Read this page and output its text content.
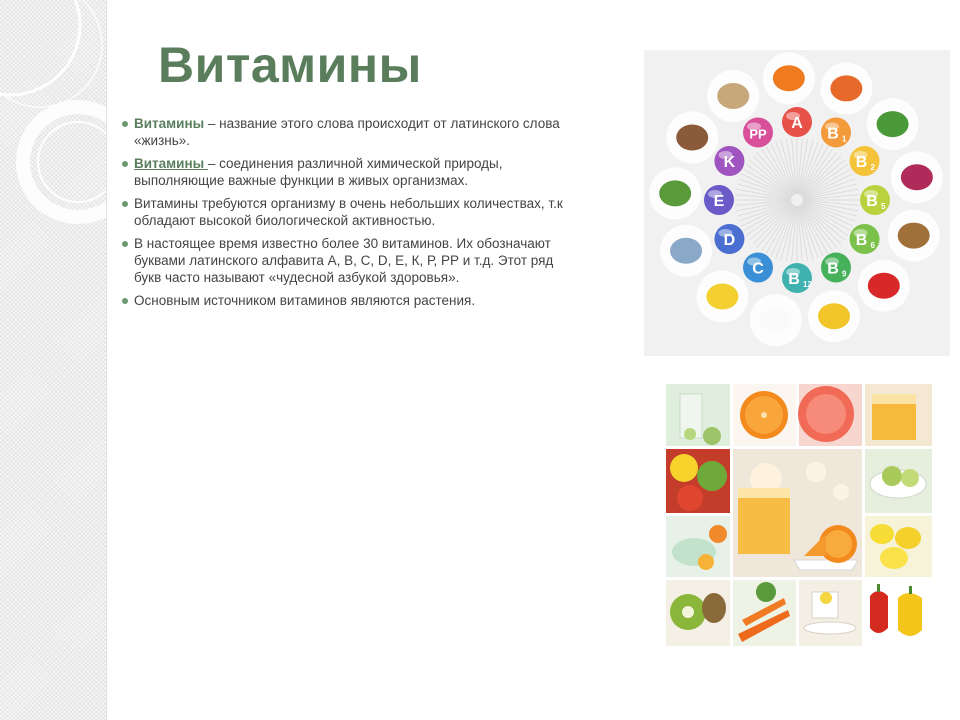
Витамины
Витамины – название этого слова происходит от латинского слова
«жизнь».
Витамины – соединения различной химической природы,
выполняющие важные функции в живых организмах.
Витамины требуются организму в очень небольших количествах, т.к
обладают высокой биологической активностью.
В настоящее время известно более 30 витаминов. Их обозначают
буквами латинского алфавита А, В, С, D, Е, К, Р, РР и т.д. Этот ряд
букв часто называют «чудесной азбукой здоровья».
Основным источником витаминов являются растения.
A
B 1
B 2
B 5
B 6
B 9
B 12
C
D
E
K
PP
